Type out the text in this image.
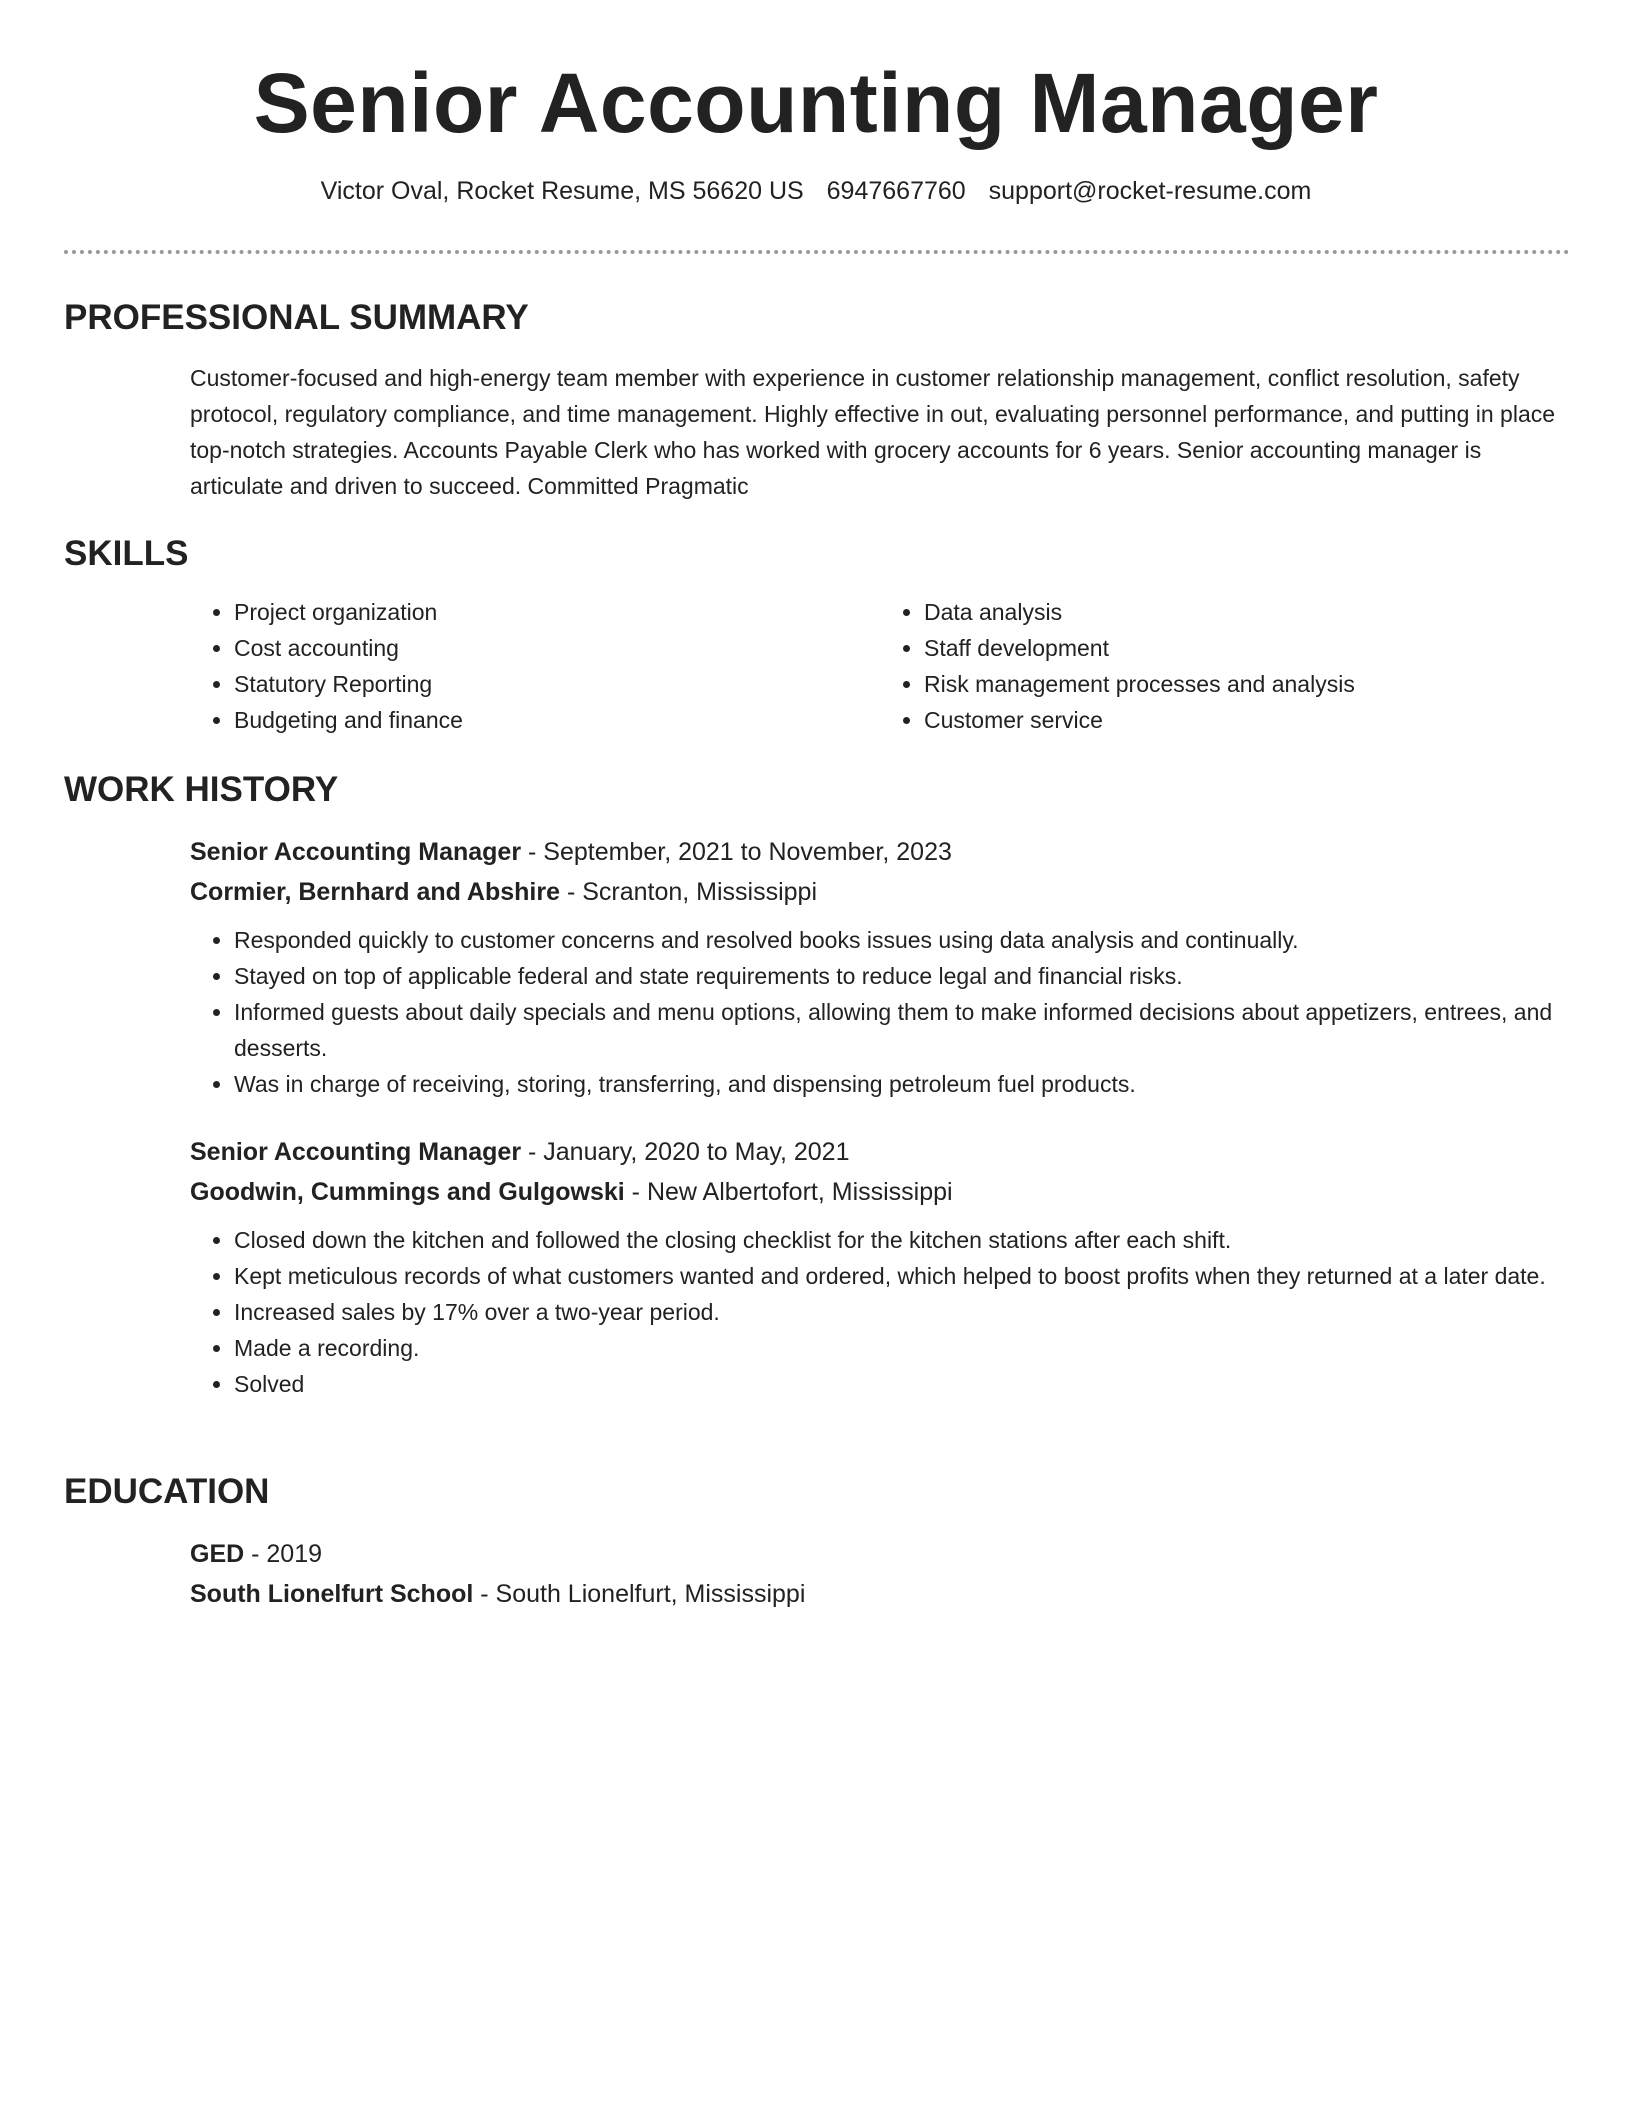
Senior Accounting Manager
Victor Oval, Rocket Resume, MS 56620 US 6947667760 support@rocket-resume.com
PROFESSIONAL SUMMARY
Customer-focused and high-energy team member with experience in customer relationship management, conflict resolution, safety protocol, regulatory compliance, and time management. Highly effective in out, evaluating personnel performance, and putting in place top-notch strategies. Accounts Payable Clerk who has worked with grocery accounts for 6 years. Senior accounting manager is articulate and driven to succeed. Committed Pragmatic
SKILLS
• Project organization
• Cost accounting
• Statutory Reporting
• Budgeting and finance
• Data analysis
• Staff development
• Risk management processes and analysis
• Customer service
WORK HISTORY
Senior Accounting Manager - September, 2021 to November, 2023
Cormier, Bernhard and Abshire - Scranton, Mississippi
• Responded quickly to customer concerns and resolved books issues using data analysis and continually.
• Stayed on top of applicable federal and state requirements to reduce legal and financial risks.
• Informed guests about daily specials and menu options, allowing them to make informed decisions about appetizers, entrees, and desserts.
• Was in charge of receiving, storing, transferring, and dispensing petroleum fuel products.
Senior Accounting Manager - January, 2020 to May, 2021
Goodwin, Cummings and Gulgowski - New Albertofort, Mississippi
• Closed down the kitchen and followed the closing checklist for the kitchen stations after each shift.
• Kept meticulous records of what customers wanted and ordered, which helped to boost profits when they returned at a later date.
• Increased sales by 17% over a two-year period.
• Made a recording.
• Solved
EDUCATION
GED - 2019
South Lionelfurt School - South Lionelfurt, Mississippi
